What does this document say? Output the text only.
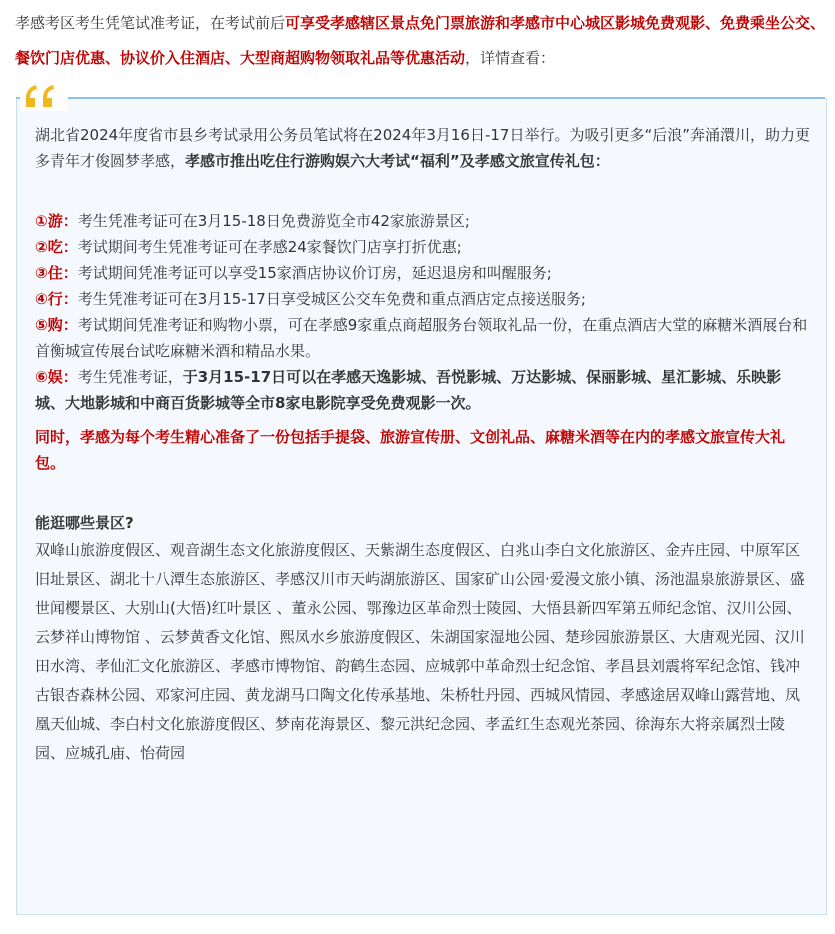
孝感考区考生凭笔试准考证，在考试前后可享受孝感辖区景点免门票旅游和孝感市中心城区影城免费观影、免费乘坐公交、餐饮门店优惠、协议价入住酒店、大型商超购物领取礼品等优惠活动，详情查看：

湖北省2024年度省市县乡考试录用公务员笔试将在2024年3月16日-17日举行。为吸引更多“后浪”奔涌澴川，助力更多青年才俊圆梦孝感，孝感市推出吃住行游购娱六大考试“福利”及孝感文旅宣传礼包：

①游：考生凭准考证可在3月15-18日免费游览全市42家旅游景区;

②吃：考试期间考生凭准考证可在孝感24家餐饮门店享打折优惠;

③住：考试期间凭准考证可以享受15家酒店协议价订房，延迟退房和叫醒服务;

④行：考生凭准考证可在3月15-17日享受城区公交车免费和重点酒店定点接送服务;

⑤购：考试期间凭准考证和购物小票，可在孝感9家重点商超服务台领取礼品一份，在重点酒店大堂的麻糖米酒展台和首衡城宣传展台试吃麻糖米酒和精品水果。

⑥娱：考生凭准考证，于3月15-17日可以在孝感天逸影城、吾悦影城、万达影城、保丽影城、星汇影城、乐映影城、大地影城和中商百货影城等全市8家电影院享受免费观影一次。

同时，孝感为每个考生精心准备了一份包括手提袋、旅游宣传册、文创礼品、麻糖米酒等在内的孝感文旅宣传大礼包。

能逛哪些景区?

双峰山旅游度假区、观音湖生态文化旅游度假区、天紫湖生态度假区、白兆山李白文化旅游区、金卉庄园、中原军区旧址景区、湖北十八潭生态旅游区、孝感汉川市天屿湖旅游区、国家矿山公园·爱漫文旅小镇、汤池温泉旅游景区、盛世闻樱景区、大别山(大悟)红叶景区 、董永公园、鄂豫边区革命烈士陵园、大悟县新四军第五师纪念馆、汉川公园、云梦祥山博物馆 、云梦黄香文化馆、熙凤水乡旅游度假区、朱湖国家湿地公园、楚珍园旅游景区、大唐观光园、汉川田水湾、孝仙汇文化旅游区、孝感市博物馆、韵鹤生态园、应城郭中革命烈士纪念馆、孝昌县刘震将军纪念馆、钱冲古银杏森林公园、邓家河庄园、黄龙湖马口陶文化传承基地、朱桥牡丹园、西城风情园、孝感途居双峰山露营地、凤凰天仙城、李白村文化旅游度假区、梦南花海景区、黎元洪纪念园、孝孟红生态观光茶园、徐海东大将亲属烈士陵园、应城孔庙、怡荷园
